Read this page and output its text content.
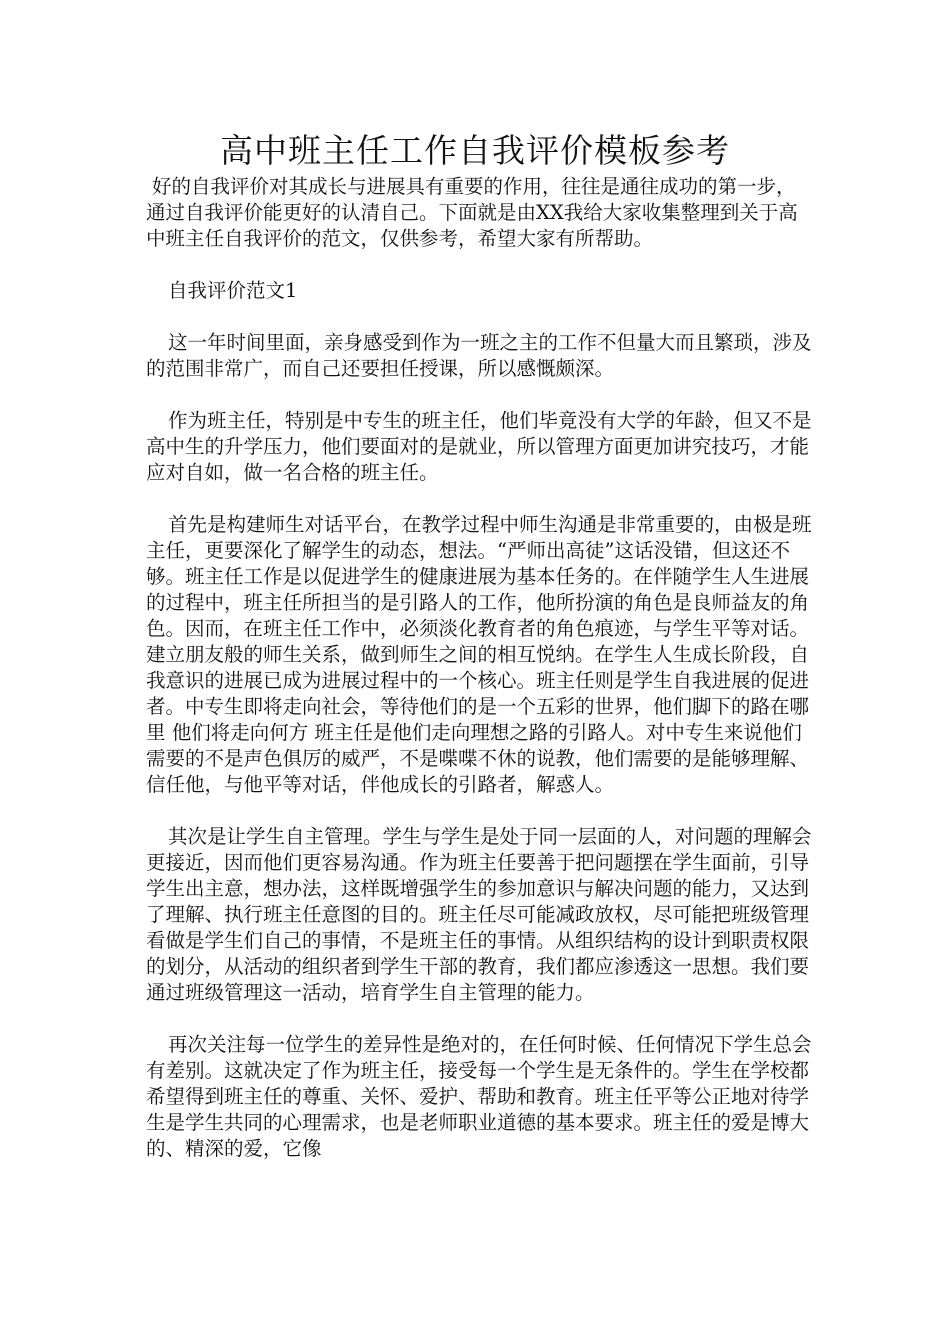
高中班主任工作自我评价模板参考

好的自我评价对其成长与进展具有重要的作用，往往是通往成功的第一步，通过自我评价能更好的认清自己。下面就是由XX我给大家收集整理到关于高中班主任自我评价的范文，仅供参考，希望大家有所帮助。

自我评价范文1

这一年时间里面，亲身感受到作为一班之主的工作不但量大而且繁琐，涉及的范围非常广，而自己还要担任授课，所以感慨颇深。

作为班主任，特别是中专生的班主任，他们毕竟没有大学的年龄，但又不是高中生的升学压力，他们要面对的是就业，所以管理方面更加讲究技巧，才能应对自如，做一名合格的班主任。

首先是构建师生对话平台，在教学过程中师生沟通是非常重要的，由极是班主任，更要深化了解学生的动态，想法。“严师出高徒”这话没错，但这还不够。班主任工作是以促进学生的健康进展为基本任务的。在伴随学生人生进展的过程中，班主任所担当的是引路人的工作，他所扮演的角色是良师益友的角色。因而，在班主任工作中，必须淡化教育者的角色痕迹，与学生平等对话。建立朋友般的师生关系，做到师生之间的相互悦纳。在学生人生成长阶段，自我意识的进展已成为进展过程中的一个核心。班主任则是学生自我进展的促进者。中专生即将走向社会，等待他们的是一个五彩的世界，他们脚下的路在哪里 他们将走向何方 班主任是他们走向理想之路的引路人。对中专生来说他们需要的不是声色俱厉的威严，不是喋喋不休的说教，他们需要的是能够理解、信任他，与他平等对话，伴他成长的引路者，解惑人。

其次是让学生自主管理。学生与学生是处于同一层面的人，对问题的理解会更接近，因而他们更容易沟通。作为班主任要善于把问题摆在学生面前，引导学生出主意，想办法，这样既增强学生的参加意识与解决问题的能力，又达到了理解、执行班主任意图的目的。班主任尽可能减政放权，尽可能把班级管理看做是学生们自己的事情，不是班主任的事情。从组织结构的设计到职责权限的划分，从活动的组织者到学生干部的教育，我们都应渗透这一思想。我们要通过班级管理这一活动，培育学生自主管理的能力。

再次关注每一位学生的差异性是绝对的，在任何时候、任何情况下学生总会有差别。这就决定了作为班主任，接受每一个学生是无条件的。学生在学校都希望得到班主任的尊重、关怀、爱护、帮助和教育。班主任平等公正地对待学生是学生共同的心理需求，也是老师职业道德的基本要求。班主任的爱是博大的、精深的爱，它像
